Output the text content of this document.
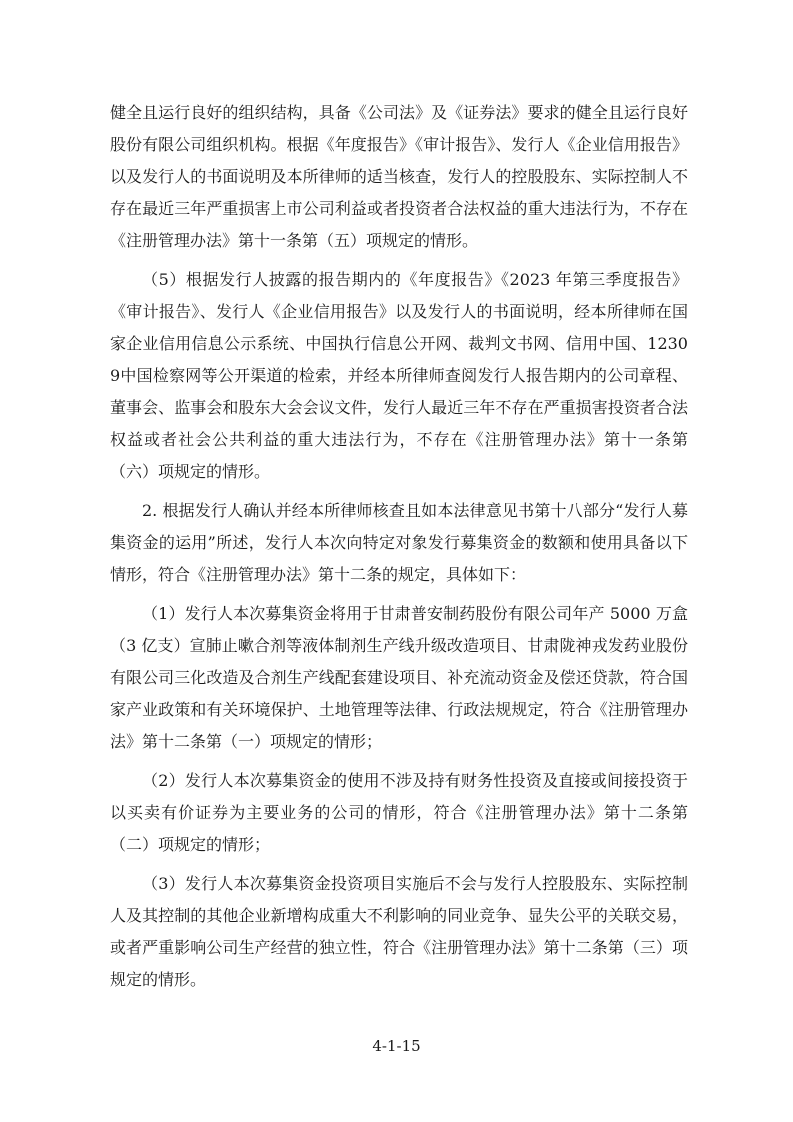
健全且运行良好的组织结构，具备《公司法》及《证券法》要求的健全且运行良好股份有限公司组织机构。根据《年度报告》《审计报告》、发行人《企业信用报告》以及发行人的书面说明及本所律师的适当核查，发行人的控股股东、实际控制人不存在最近三年严重损害上市公司利益或者投资者合法权益的重大违法行为，不存在《注册管理办法》第十一条第（五）项规定的情形。

（5）根据发行人披露的报告期内的《年度报告》《2023 年第三季度报告》《审计报告》、发行人《企业信用报告》以及发行人的书面说明，经本所律师在国家企业信用信息公示系统、中国执行信息公开网、裁判文书网、信用中国、12309中国检察网等公开渠道的检索，并经本所律师查阅发行人报告期内的公司章程、董事会、监事会和股东大会会议文件，发行人最近三年不存在严重损害投资者合法权益或者社会公共利益的重大违法行为，不存在《注册管理办法》第十一条第（六）项规定的情形。

2. 根据发行人确认并经本所律师核查且如本法律意见书第十八部分“发行人募集资金的运用”所述，发行人本次向特定对象发行募集资金的数额和使用具备以下情形，符合《注册管理办法》第十二条的规定，具体如下：

（1）发行人本次募集资金将用于甘肃普安制药股份有限公司年产 5000 万盒（3 亿支）宣肺止嗽合剂等液体制剂生产线升级改造项目、甘肃陇神戎发药业股份有限公司三化改造及合剂生产线配套建设项目、补充流动资金及偿还贷款，符合国家产业政策和有关环境保护、土地管理等法律、行政法规规定，符合《注册管理办法》第十二条第（一）项规定的情形；

（2）发行人本次募集资金的使用不涉及持有财务性投资及直接或间接投资于以买卖有价证券为主要业务的公司的情形，符合《注册管理办法》第十二条第（二）项规定的情形；

（3）发行人本次募集资金投资项目实施后不会与发行人控股股东、实际控制人及其控制的其他企业新增构成重大不利影响的同业竞争、显失公平的关联交易，或者严重影响公司生产经营的独立性，符合《注册管理办法》第十二条第（三）项规定的情形。

4-1-15
